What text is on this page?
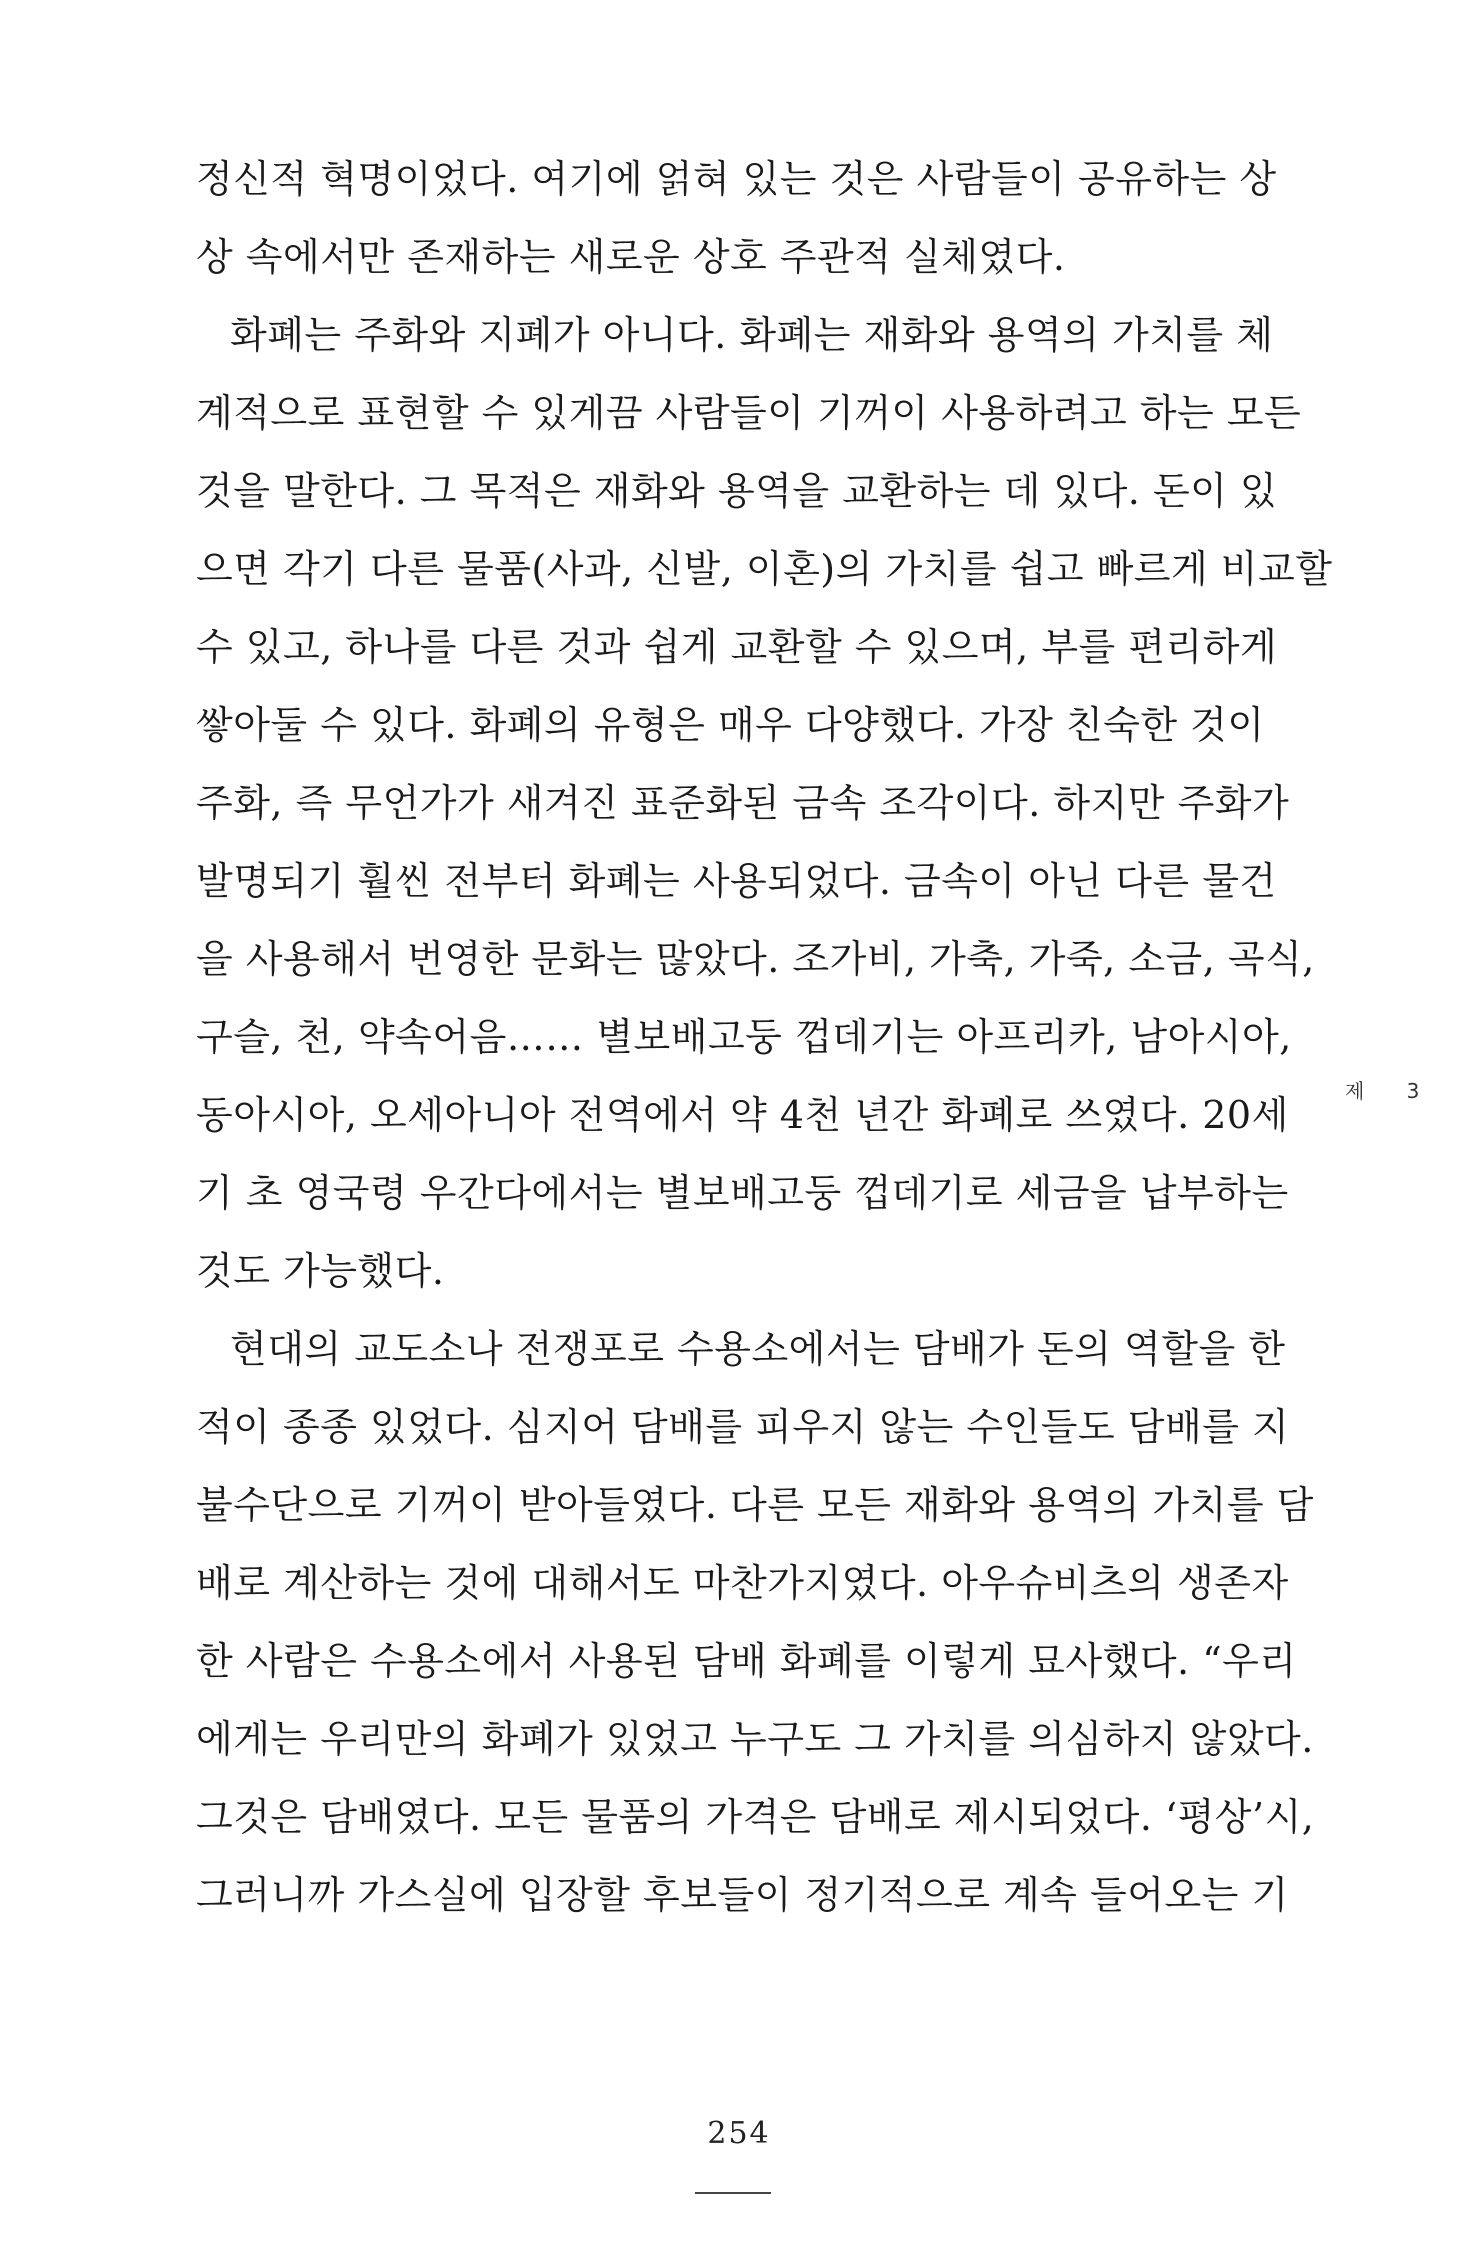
정신적 혁명이었다. 여기에 얽혀 있는 것은 사람들이 공유하는 상
상 속에서만 존재하는 새로운 상호 주관적 실체였다.
화폐는 주화와 지폐가 아니다. 화폐는 재화와 용역의 가치를 체
계적으로 표현할 수 있게끔 사람들이 기꺼이 사용하려고 하는 모든
것을 말한다. 그 목적은 재화와 용역을 교환하는 데 있다. 돈이 있
으면 각기 다른 물품(사과, 신발, 이혼)의 가치를 쉽고 빠르게 비교할
수 있고, 하나를 다른 것과 쉽게 교환할 수 있으며, 부를 편리하게
쌓아둘 수 있다. 화폐의 유형은 매우 다양했다. 가장 친숙한 것이
주화, 즉 무언가가 새겨진 표준화된 금속 조각이다. 하지만 주화가
발명되기 훨씬 전부터 화폐는 사용되었다. 금속이 아닌 다른 물건
을 사용해서 번영한 문화는 많았다. 조가비, 가축, 가죽, 소금, 곡식,
구슬, 천, 약속어음…… 별보배고둥 껍데기는 아프리카, 남아시아,
동아시아, 오세아니아 전역에서 약 4천 년간 화폐로 쓰였다. 20세
기 초 영국령 우간다에서는 별보배고둥 껍데기로 세금을 납부하는
것도 가능했다.
현대의 교도소나 전쟁포로 수용소에서는 담배가 돈의 역할을 한
적이 종종 있었다. 심지어 담배를 피우지 않는 수인들도 담배를 지
불수단으로 기꺼이 받아들였다. 다른 모든 재화와 용역의 가치를 담
배로 계산하는 것에 대해서도 마찬가지였다. 아우슈비츠의 생존자
한 사람은 수용소에서 사용된 담배 화폐를 이렇게 묘사했다. “우리
에게는 우리만의 화폐가 있었고 누구도 그 가치를 의심하지 않았다.
그것은 담배였다. 모든 물품의 가격은 담배로 제시되었다. ‘평상’시,
그러니까 가스실에 입장할 후보들이 정기적으로 계속 들어오는 기
제 3
254
